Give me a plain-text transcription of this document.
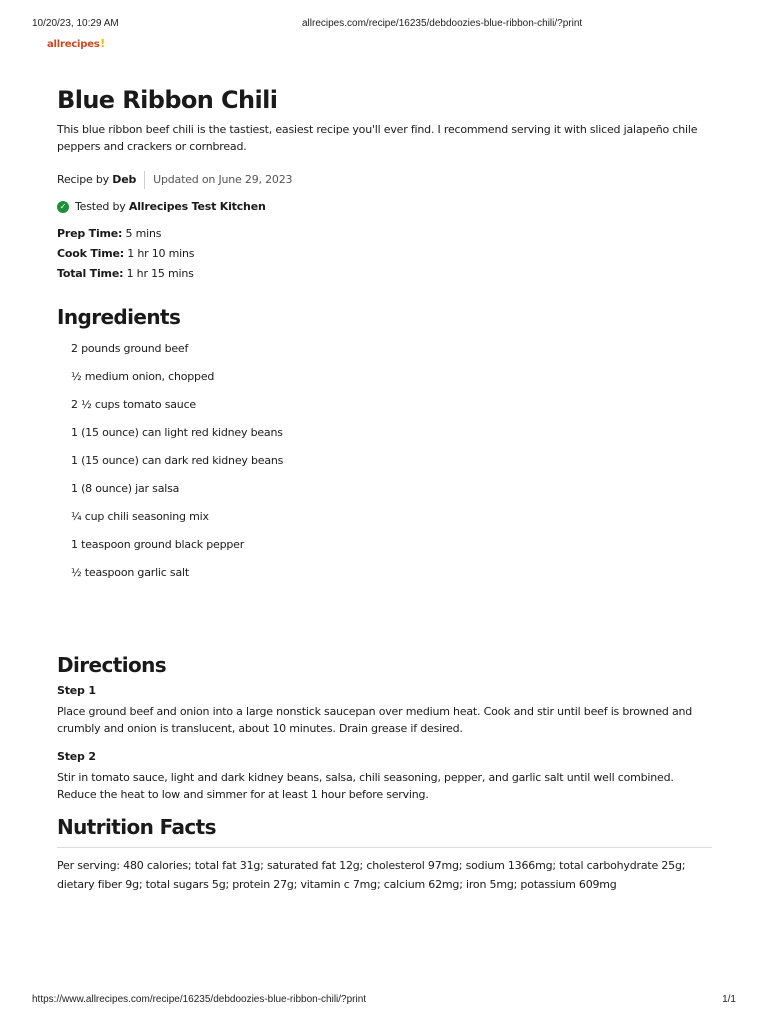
10/20/23, 10:29 AM	allrecipes.com/recipe/16235/debdoozies-blue-ribbon-chili/?print
allrecipesǃ
Blue Ribbon Chili

This blue ribbon beef chili is the tastiest, easiest recipe you'll ever find. I recommend serving it with sliced jalapeño chile peppers and crackers or cornbread.

Recipe by
Deb Updated on June 29, 2023
✓ Tested by
Allrecipes Test Kitchen
Prep Time: 5 mins
Cook Time: 1 hr 10 mins
Total Time: 1 hr 15 mins
Ingredients
2 pounds ground beef
½ medium onion, chopped
2 ½ cups tomato sauce
1 (15 ounce) can light red kidney beans
1 (15 ounce) can dark red kidney beans
1 (8 ounce) jar salsa
¼ cup chili seasoning mix
1 teaspoon ground black pepper
½ teaspoon garlic salt
Directions
Step 1
Place ground beef and onion into a large nonstick saucepan over medium heat. Cook and stir until beef is browned and crumbly and onion is translucent, about 10 minutes. Drain grease if desired.
Step 2
Stir in tomato sauce, light and dark kidney beans, salsa, chili seasoning, pepper, and garlic salt until well combined. Reduce the heat to low and simmer for at least 1 hour before serving.
Nutrition Facts
Per serving: 480 calories; total fat 31g; saturated fat 12g; cholesterol 97mg; sodium 1366mg; total carbohydrate 25g; dietary fiber 9g; total sugars 5g; protein 27g; vitamin c 7mg; calcium 62mg; iron 5mg; potassium 609mg
https://www.allrecipes.com/recipe/16235/debdoozies-blue-ribbon-chili/?print	1/1
